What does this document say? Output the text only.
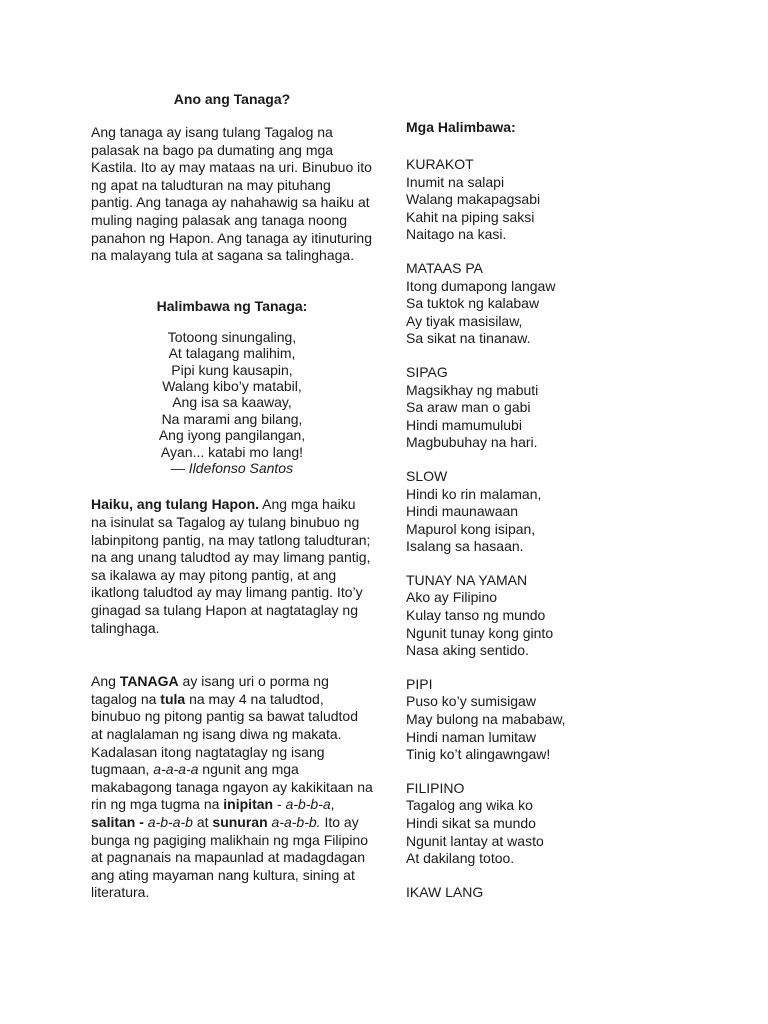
Ano ang Tanaga?

Ang tanaga ay isang tulang Tagalog na palasak na bago pa dumating ang mga Kastila. Ito ay may mataas na uri. Binubuo ito ng apat na taludturan na may pituhang pantig. Ang tanaga ay nahahawig sa haiku at muling naging palasak ang tanaga noong panahon ng Hapon. Ang tanaga ay itinuturing na malayang tula at sagana sa talinghaga.

Halimbawa ng Tanaga:

Totoong sinungaling,
At talagang malihim,
Pipi kung kausapin,
Walang kibo’y matabil,
Ang isa sa kaaway,
Na marami ang bilang,
Ang iyong pangilangan,
Ayan... katabi mo lang!
— Ildefonso Santos

Haiku, ang tulang Hapon. Ang mga haiku na isinulat sa Tagalog ay tulang binubuo ng labinpitong pantig, na may tatlong taludturan; na ang unang taludtod ay may limang pantig, sa ikalawa ay may pitong pantig, at ang ikatlong taludtod ay may limang pantig. Ito’y ginagad sa tulang Hapon at nagtataglay ng talinghaga.

Ang TANAGA ay isang uri o porma ng tagalog na tula na may 4 na taludtod, binubuo ng pitong pantig sa bawat taludtod at naglalaman ng isang diwa ng makata. Kadalasan itong nagtataglay ng isang tugmaan, a-a-a-a ngunit ang mga makabagong tanaga ngayon ay kakikitaan na rin ng mga tugma na inipitan - a-b-b-a, salitan - a-b-a-b at sunuran a-a-b-b. Ito ay bunga ng pagiging malikhain ng mga Filipino at pagnanais na mapaunlad at madagdagan ang ating mayaman nang kultura, sining at literatura.

Mga Halimbawa:

KURAKOT
Inumit na salapi
Walang makapagsabi
Kahit na piping saksi
Naitago na kasi.
MATAAS PA
Itong dumapong langaw
Sa tuktok ng kalabaw
Ay tiyak masisilaw,
Sa sikat na tinanaw.
SIPAG
Magsikhay ng mabuti
Sa araw man o gabi
Hindi mamumulubi
Magbubuhay na hari.
SLOW
Hindi ko rin malaman,
Hindi maunawaan
Mapurol kong isipan,
Isalang sa hasaan.
TUNAY NA YAMAN
Ako ay Filipino
Kulay tanso ng mundo
Ngunit tunay kong ginto
Nasa aking sentido.
PIPI
Puso ko’y sumisigaw
May bulong na mababaw,
Hindi naman lumitaw
Tinig ko’t alingawngaw!
FILIPINO
Tagalog ang wika ko
Hindi sikat sa mundo
Ngunit lantay at wasto
At dakilang totoo.
IKAW LANG
